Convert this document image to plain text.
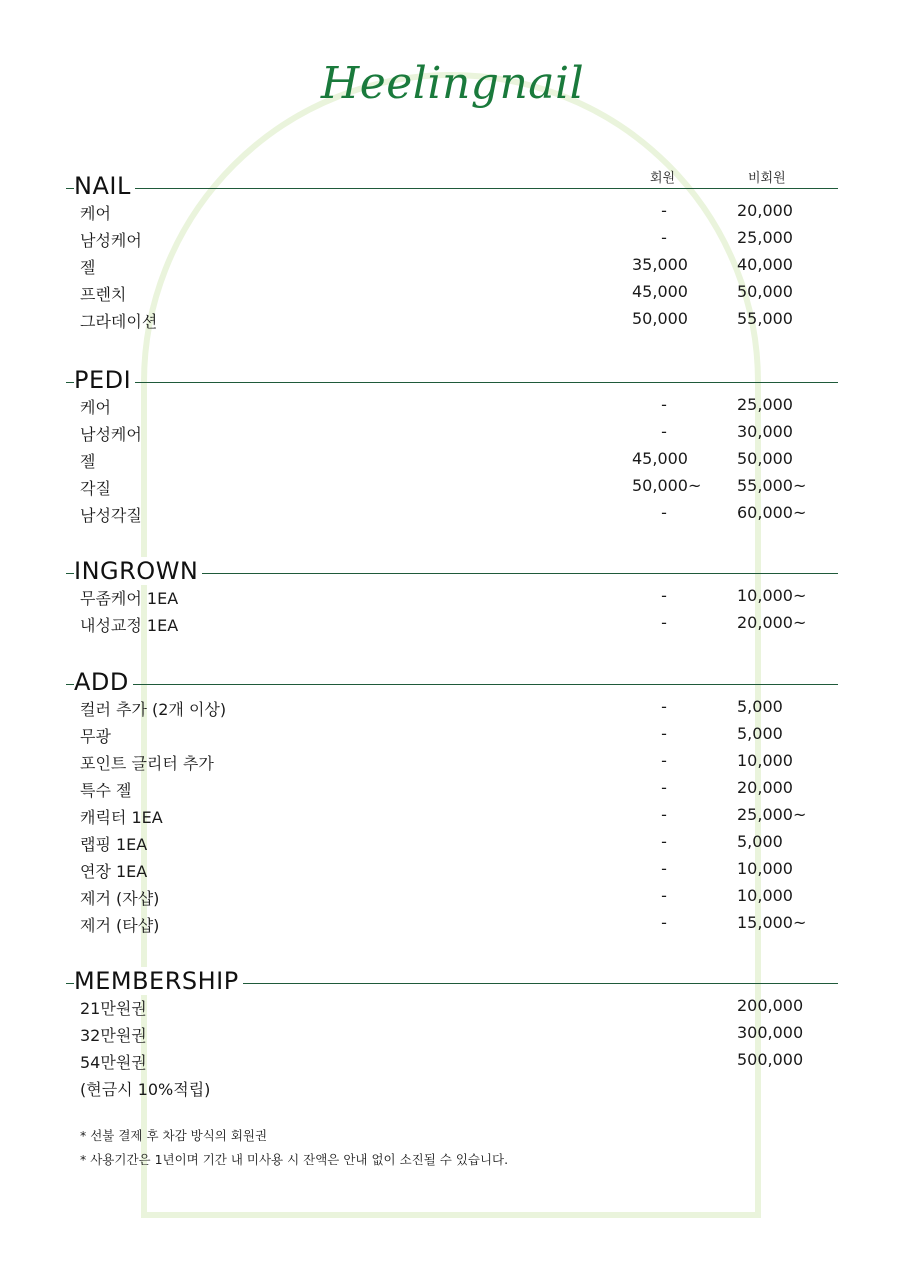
Heelingnail
회원	비회원
NAIL
케어	-	20,000
남성케어	-	25,000
젤	35,000	40,000
프렌치	45,000	50,000
그라데이션	50,000	55,000
PEDI
케어	-	25,000
남성케어	-	30,000
젤	45,000	50,000
각질	50,000~ 55,000~
남성각질	-	60,000~
INGROWN
무좀케어 1EA	-	10,000~
내성교정 1EA	-	20,000~
ADD
컬러 추가 (2개 이상)	-	5,000
무광	-	5,000
포인트 글리터 추가	-	10,000
특수 젤	-	20,000
캐릭터 1EA	-	25,000~
랩핑 1EA	-	5,000
연장 1EA	-	10,000
제거 (자샵)	-	10,000
제거 (타샵)	-	15,000~
MEMBERSHIP
21만원권	200,000
32만원권	300,000
54만원권	500,000
(현금시 10%적립)
* 선불 결제 후 차감 방식의 회원권
* 사용기간은 1년이며 기간 내 미사용 시 잔액은 안내 없이 소진될 수 있습니다.
